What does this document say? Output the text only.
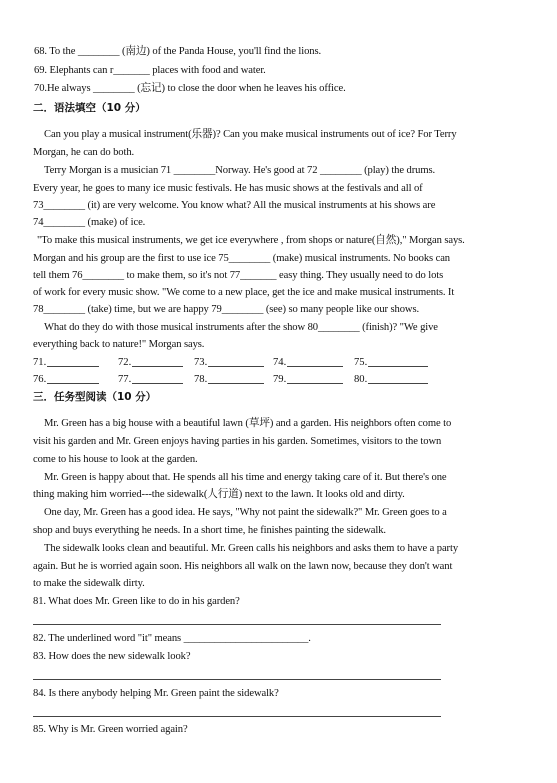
68. To the ________ (南边) of the Panda House, you'll find the lions.
69. Elephants can r_______ places with food and water.
70.He always ________ (忘记) to close the door when he leaves his office.
二．语法填空（10 分）
Can you play a musical instrument(乐器)? Can you make musical instruments out of ice? For Terry
Morgan, he can do both.
Terry Morgan is a musician 71 ________Norway. He's good at 72 ________ (play) the drums.
Every year, he goes to many ice music festivals. He has music shows at the festivals and all of
73________ (it) are very welcome. You know what? All the musical instruments at his shows are
74________ (make) of ice.
"To make this musical instruments, we get ice everywhere , from shops or nature(自然)," Morgan says.
Morgan and his group are the first to use ice 75________ (make) musical instruments. No books can
tell them 76________ to make them, so it's not 77_______ easy thing. They usually need to do lots
of work for every music show. "We come to a new place, get the ice and make musical instruments. It
78________ (take) time, but we are happy 79________ (see) so many people like our shows.
What do they do with those musical instruments after the show 80________ (finish)? "We give
everything back to nature!" Morgan says.
71.	72.	73.	74.	75.
76.	77.	78.	79.	80.
三．任务型阅读（10 分）
Mr. Green has a big house with a beautiful lawn (草坪) and a garden. His neighbors often come to
visit his garden and Mr. Green enjoys having parties in his garden. Sometimes, visitors to the town
come to his house to look at the garden.
Mr. Green is happy about that. He spends all his time and energy taking care of it. But there's one
thing making him worried---the sidewalk(人行道) next to the lawn. It looks old and dirty.
One day, Mr. Green has a good idea. He says, "Why not paint the sidewalk?" Mr. Green goes to a
shop and buys everything he needs. In a short time, he finishes painting the sidewalk.
The sidewalk looks clean and beautiful. Mr. Green calls his neighbors and asks them to have a party
again. But he is worried again soon. His neighbors all walk on the lawn now, because they don't want
to make the sidewalk dirty.
81. What does Mr. Green like to do in his garden?
82. The underlined word "it" means ________________________.
83. How does the new sidewalk look?
84. Is there anybody helping Mr. Green paint the sidewalk?
85. Why is Mr. Green worried again?
